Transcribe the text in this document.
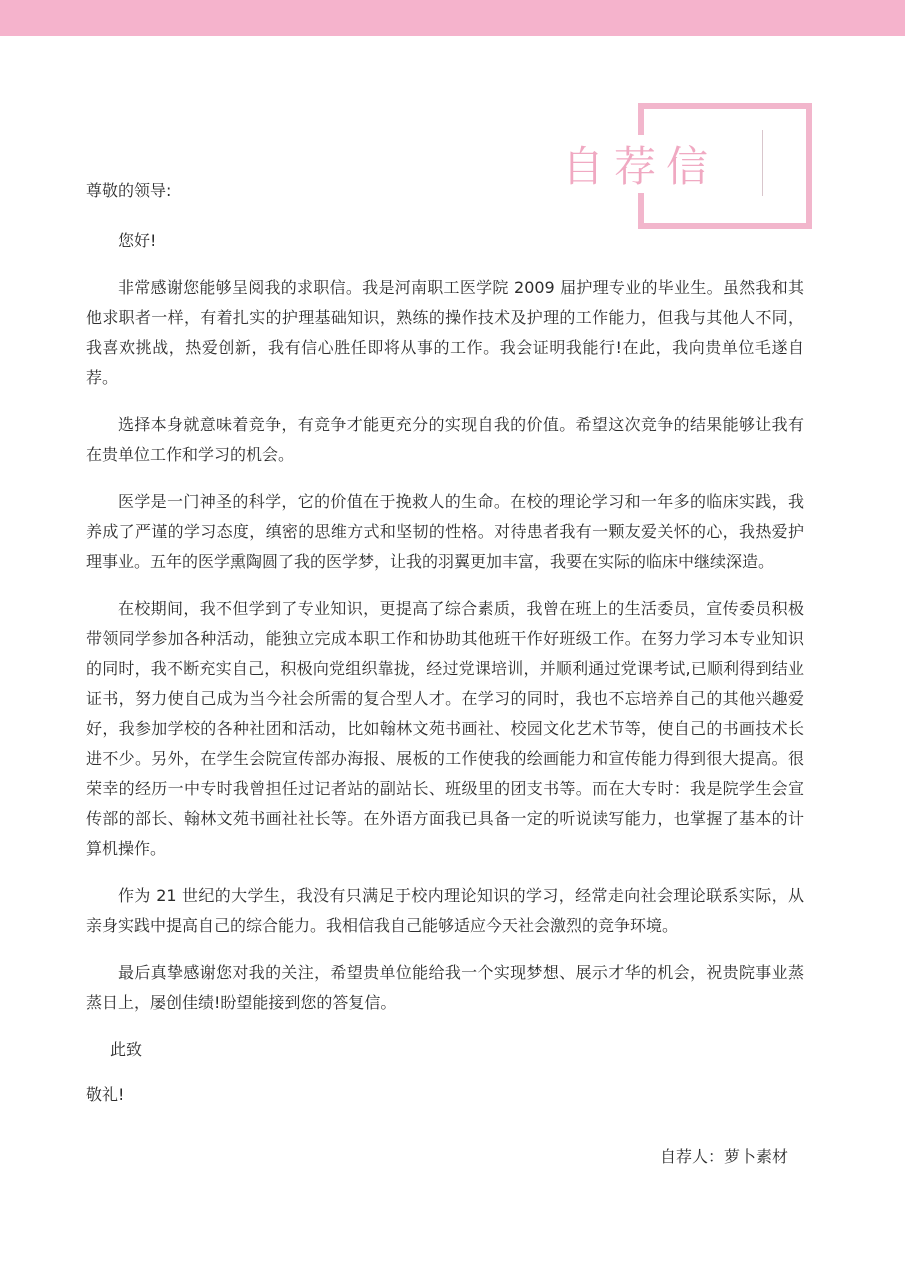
自荐信
尊敬的领导:

您好!

非常感谢您能够呈阅我的求职信。我是河南职工医学院 2009 届护理专业的毕业生。虽然我和其他求职者一样，有着扎实的护理基础知识，熟练的操作技术及护理的工作能力，但我与其他人不同，我喜欢挑战，热爱创新，我有信心胜任即将从事的工作。我会证明我能行!在此，我向贵单位毛遂自荐。

选择本身就意味着竞争，有竞争才能更充分的实现自我的价值。希望这次竞争的结果能够让我有在贵单位工作和学习的机会。

医学是一门神圣的科学，它的价值在于挽救人的生命。在校的理论学习和一年多的临床实践，我养成了严谨的学习态度，缜密的思维方式和坚韧的性格。对待患者我有一颗友爱关怀的心，我热爱护理事业。五年的医学熏陶圆了我的医学梦，让我的羽翼更加丰富，我要在实际的临床中继续深造。

在校期间，我不但学到了专业知识，更提高了综合素质，我曾在班上的生活委员，宣传委员积极带领同学参加各种活动，能独立完成本职工作和协助其他班干作好班级工作。在努力学习本专业知识的同时，我不断充实自己，积极向党组织靠拢，经过党课培训，并顺利通过党课考试,已顺利得到结业证书，努力使自己成为当今社会所需的复合型人才。在学习的同时，我也不忘培养自己的其他兴趣爱好，我参加学校的各种社团和活动，比如翰林文苑书画社、校园文化艺术节等，使自己的书画技术长进不少。另外，在学生会院宣传部办海报、展板的工作使我的绘画能力和宣传能力得到很大提高。很荣幸的经历一中专时我曾担任过记者站的副站长、班级里的团支书等。而在大专时：我是院学生会宣传部的部长、翰林文苑书画社社长等。在外语方面我已具备一定的听说读写能力，也掌握了基本的计算机操作。

作为 21 世纪的大学生，我没有只满足于校内理论知识的学习，经常走向社会理论联系实际，从亲身实践中提高自己的综合能力。我相信我自己能够适应今天社会激烈的竞争环境。

最后真挚感谢您对我的关注，希望贵单位能给我一个实现梦想、展示才华的机会，祝贵院事业蒸蒸日上，屡创佳绩!盼望能接到您的答复信。

此致

敬礼!

自荐人：萝卜素材
